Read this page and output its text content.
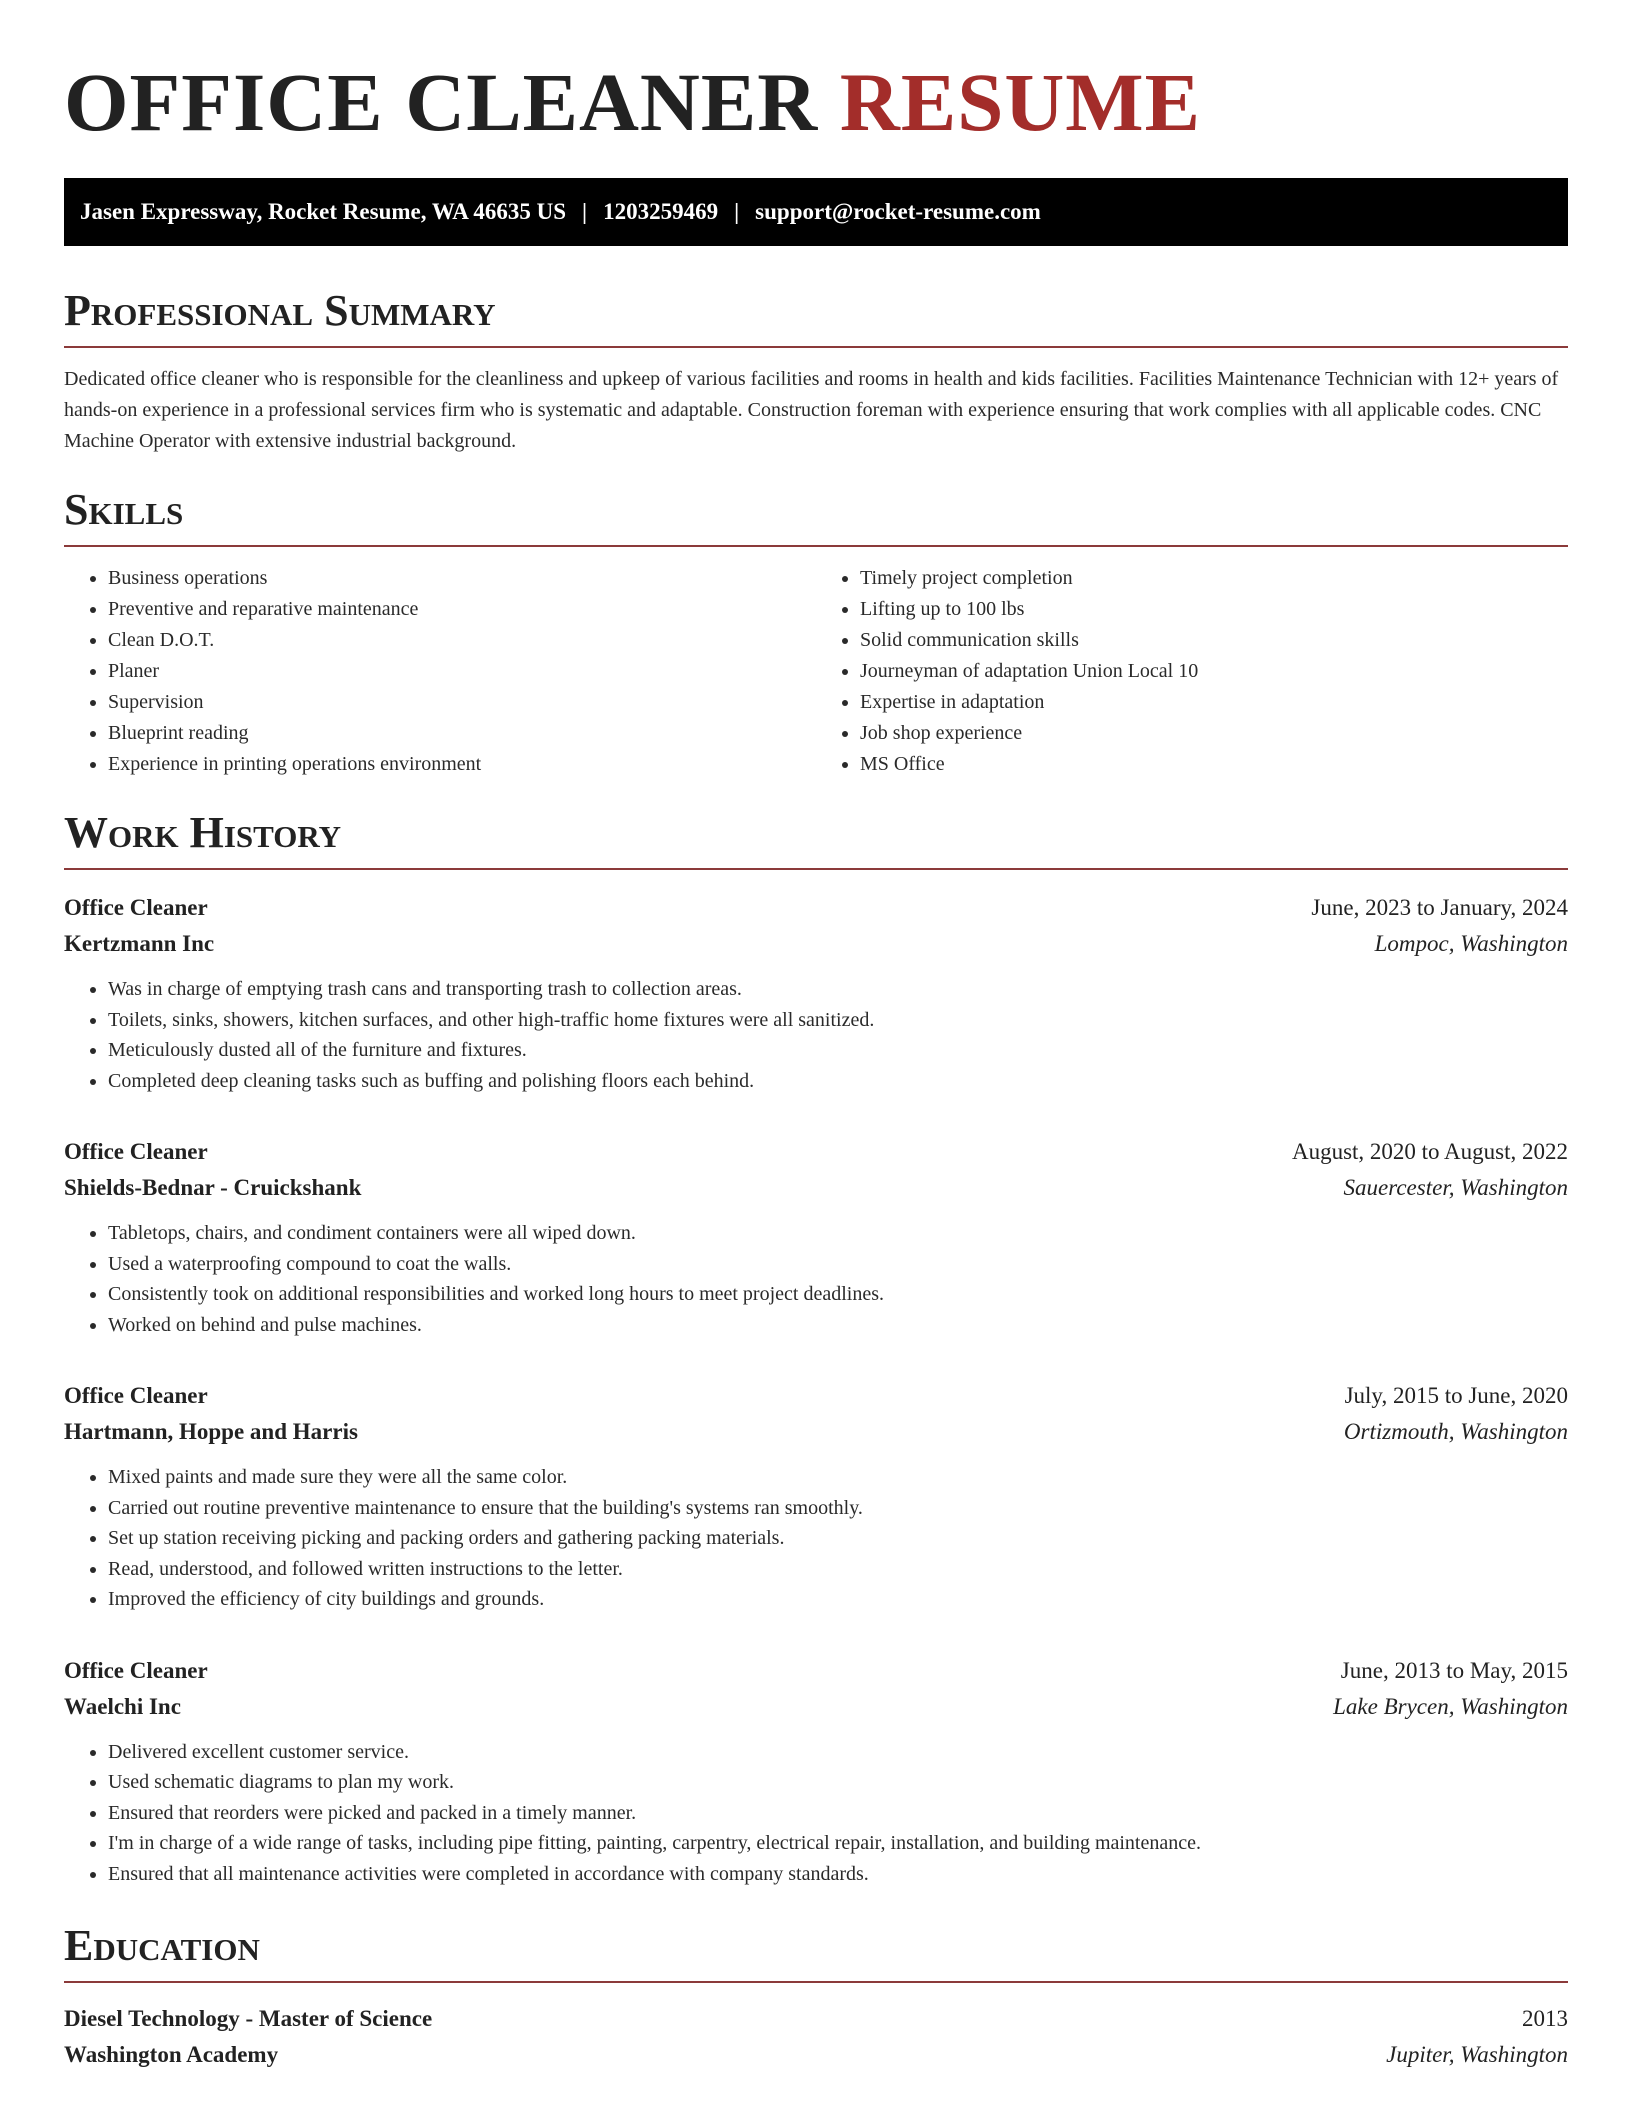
OFFICE CLEANER RESUME
Jasen Expressway, Rocket Resume, WA 46635 US | 1203259469 | support@rocket-resume.com
Professional Summary

Dedicated office cleaner who is responsible for the cleanliness and upkeep of various facilities and rooms in health and kids facilities. Facilities Maintenance Technician with 12+ years of hands-on experience in a professional services firm who is systematic and adaptable. Construction foreman with experience ensuring that work complies with all applicable codes. CNC Machine Operator with extensive industrial background.

Skills
• Business operations
• Preventive and reparative maintenance
• Clean D.O.T.
• Planer
• Supervision
• Blueprint reading
• Experience in printing operations environment
• Timely project completion
• Lifting up to 100 lbs
• Solid communication skills
• Journeyman of adaptation Union Local 10
• Expertise in adaptation
• Job shop experience
• MS Office
Work History
Office Cleaner	June, 2023 to January, 2024
Kertzmann Inc	Lompoc, Washington
• Was in charge of emptying trash cans and transporting trash to collection areas.
• Toilets, sinks, showers, kitchen surfaces, and other high-traffic home fixtures were all sanitized.
• Meticulously dusted all of the furniture and fixtures.
• Completed deep cleaning tasks such as buffing and polishing floors each behind.
Office Cleaner	August, 2020 to August, 2022
Shields-Bednar - Cruickshank	Sauercester, Washington
• Tabletops, chairs, and condiment containers were all wiped down.
• Used a waterproofing compound to coat the walls.
• Consistently took on additional responsibilities and worked long hours to meet project deadlines.
• Worked on behind and pulse machines.
Office Cleaner	July, 2015 to June, 2020
Hartmann, Hoppe and Harris	Ortizmouth, Washington
• Mixed paints and made sure they were all the same color.
• Carried out routine preventive maintenance to ensure that the building's systems ran smoothly.
• Set up station receiving picking and packing orders and gathering packing materials.
• Read, understood, and followed written instructions to the letter.
• Improved the efficiency of city buildings and grounds.
Office Cleaner	June, 2013 to May, 2015
Waelchi Inc	Lake Brycen, Washington
• Delivered excellent customer service.
• Used schematic diagrams to plan my work.
• Ensured that reorders were picked and packed in a timely manner.
• I'm in charge of a wide range of tasks, including pipe fitting, painting, carpentry, electrical repair, installation, and building maintenance.
• Ensured that all maintenance activities were completed in accordance with company standards.
Education
Diesel Technology - Master of Science	2013
Washington Academy	Jupiter, Washington
